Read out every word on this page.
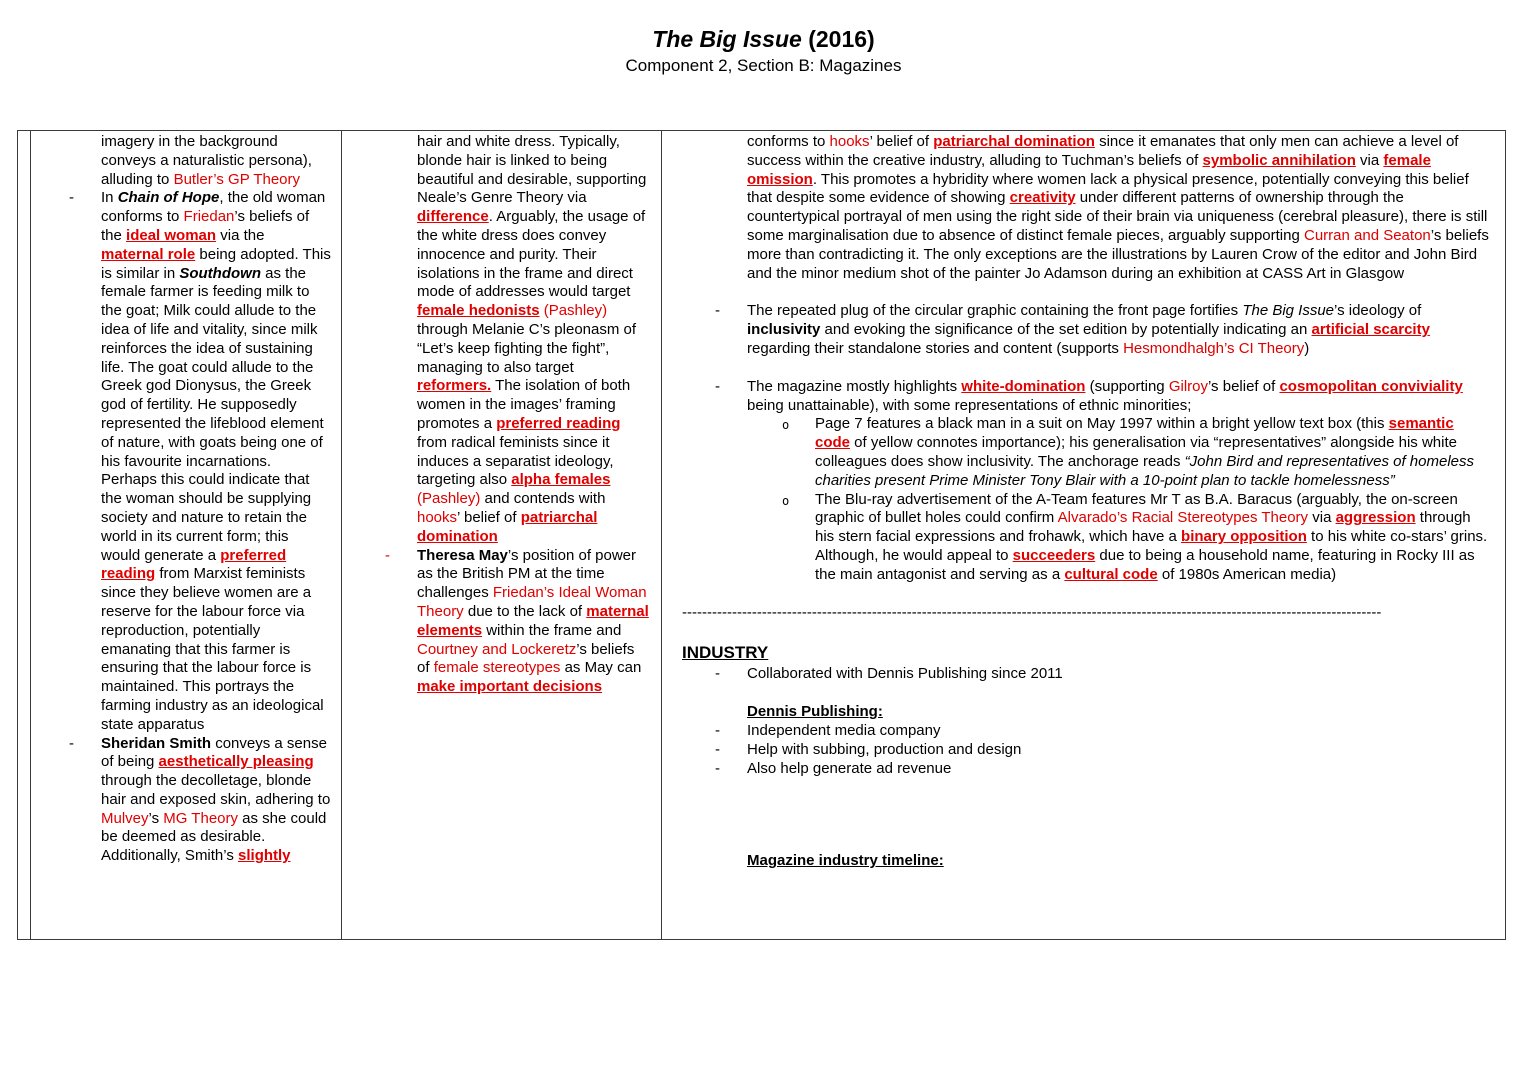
The Big Issue (2016)
Component 2, Section B: Magazines
imagery in the background conveys a naturalistic persona), alluding to Butler’s GP Theory
- In Chain of Hope, the old woman conforms to Friedan’s beliefs of the ideal woman via the maternal role being adopted. This is similar in Southdown as the female farmer is feeding milk to the goat; Milk could allude to the idea of life and vitality, since milk reinforces the idea of sustaining life. The goat could allude to the Greek god Dionysus, the Greek god of fertility. He supposedly represented the lifeblood element of nature, with goats being one of his favourite incarnations. Perhaps this could indicate that the woman should be supplying society and nature to retain the world in its current form; this would generate a preferred reading from Marxist feminists since they believe women are a reserve for the labour force via reproduction, potentially emanating that this farmer is ensuring that the labour force is maintained. This portrays the farming industry as an ideological state apparatus
- Sheridan Smith conveys a sense of being aesthetically pleasing through the decolletage, blonde hair and exposed skin, adhering to Mulvey’s MG Theory as she could be deemed as desirable. Additionally, Smith’s slightly
hair and white dress. Typically, blonde hair is linked to being beautiful and desirable, supporting Neale’s Genre Theory via difference. Arguably, the usage of the white dress does convey innocence and purity. Their isolations in the frame and direct mode of addresses would target female hedonists (Pashley) through Melanie C’s pleonasm of “Let’s keep fighting the fight”, managing to also target reformers. The isolation of both women in the images’ framing promotes a preferred reading from radical feminists since it induces a separatist ideology, targeting also alpha females (Pashley) and contends with hooks’ belief of patriarchal domination
- Theresa May’s position of power as the British PM at the time challenges Friedan’s Ideal Woman Theory due to the lack of maternal elements within the frame and Courtney and Lockeretz’s beliefs of female stereotypes as May can make important decisions
conforms to hooks’ belief of patriarchal domination since it emanates that only men can achieve a level of success within the creative industry, alluding to Tuchman’s beliefs of symbolic annihilation via female omission. This promotes a hybridity where women lack a physical presence, potentially conveying this belief that despite some evidence of showing creativity under different patterns of ownership through the countertypical portrayal of men using the right side of their brain via uniqueness (cerebral pleasure), there is still some marginalisation due to absence of distinct female pieces, arguably supporting Curran and Seaton’s beliefs more than contradicting it. The only exceptions are the illustrations by Lauren Crow of the editor and John Bird and the minor medium shot of the painter Jo Adamson during an exhibition at CASS Art in Glasgow
- The repeated plug of the circular graphic containing the front page fortifies The Big Issue’s ideology of inclusivity and evoking the significance of the set edition by potentially indicating an artificial scarcity regarding their standalone stories and content (supports Hesmondhalgh’s CI Theory)
- The magazine mostly highlights white-domination (supporting Gilroy’s belief of cosmopolitan conviviality being unattainable), with some representations of ethnic minorities;
o Page 7 features a black man in a suit on May 1997 within a bright yellow text box (this semantic code of yellow connotes importance); his generalisation via “representatives” alongside his white colleagues does show inclusivity. The anchorage reads “John Bird and representatives of homeless charities present Prime Minister Tony Blair with a 10-point plan to tackle homelessness”
o The Blu-ray advertisement of the A-Team features Mr T as B.A. Baracus (arguably, the on-screen graphic of bullet holes could confirm Alvarado’s Racial Stereotypes Theory via aggression through his stern facial expressions and frohawk, which have a binary opposition to his white co-stars’ grins. Although, he would appeal to succeeders due to being a household name, featuring in Rocky III as the main antagonist and serving as a cultural code of 1980s American media)
--------------------------------------------------------------------------------------------------------------------------------------------
INDUSTRY
- Collaborated with Dennis Publishing since 2011
Dennis Publishing:
- Independent media company
- Help with subbing, production and design
- Also help generate ad revenue
Magazine industry timeline:
